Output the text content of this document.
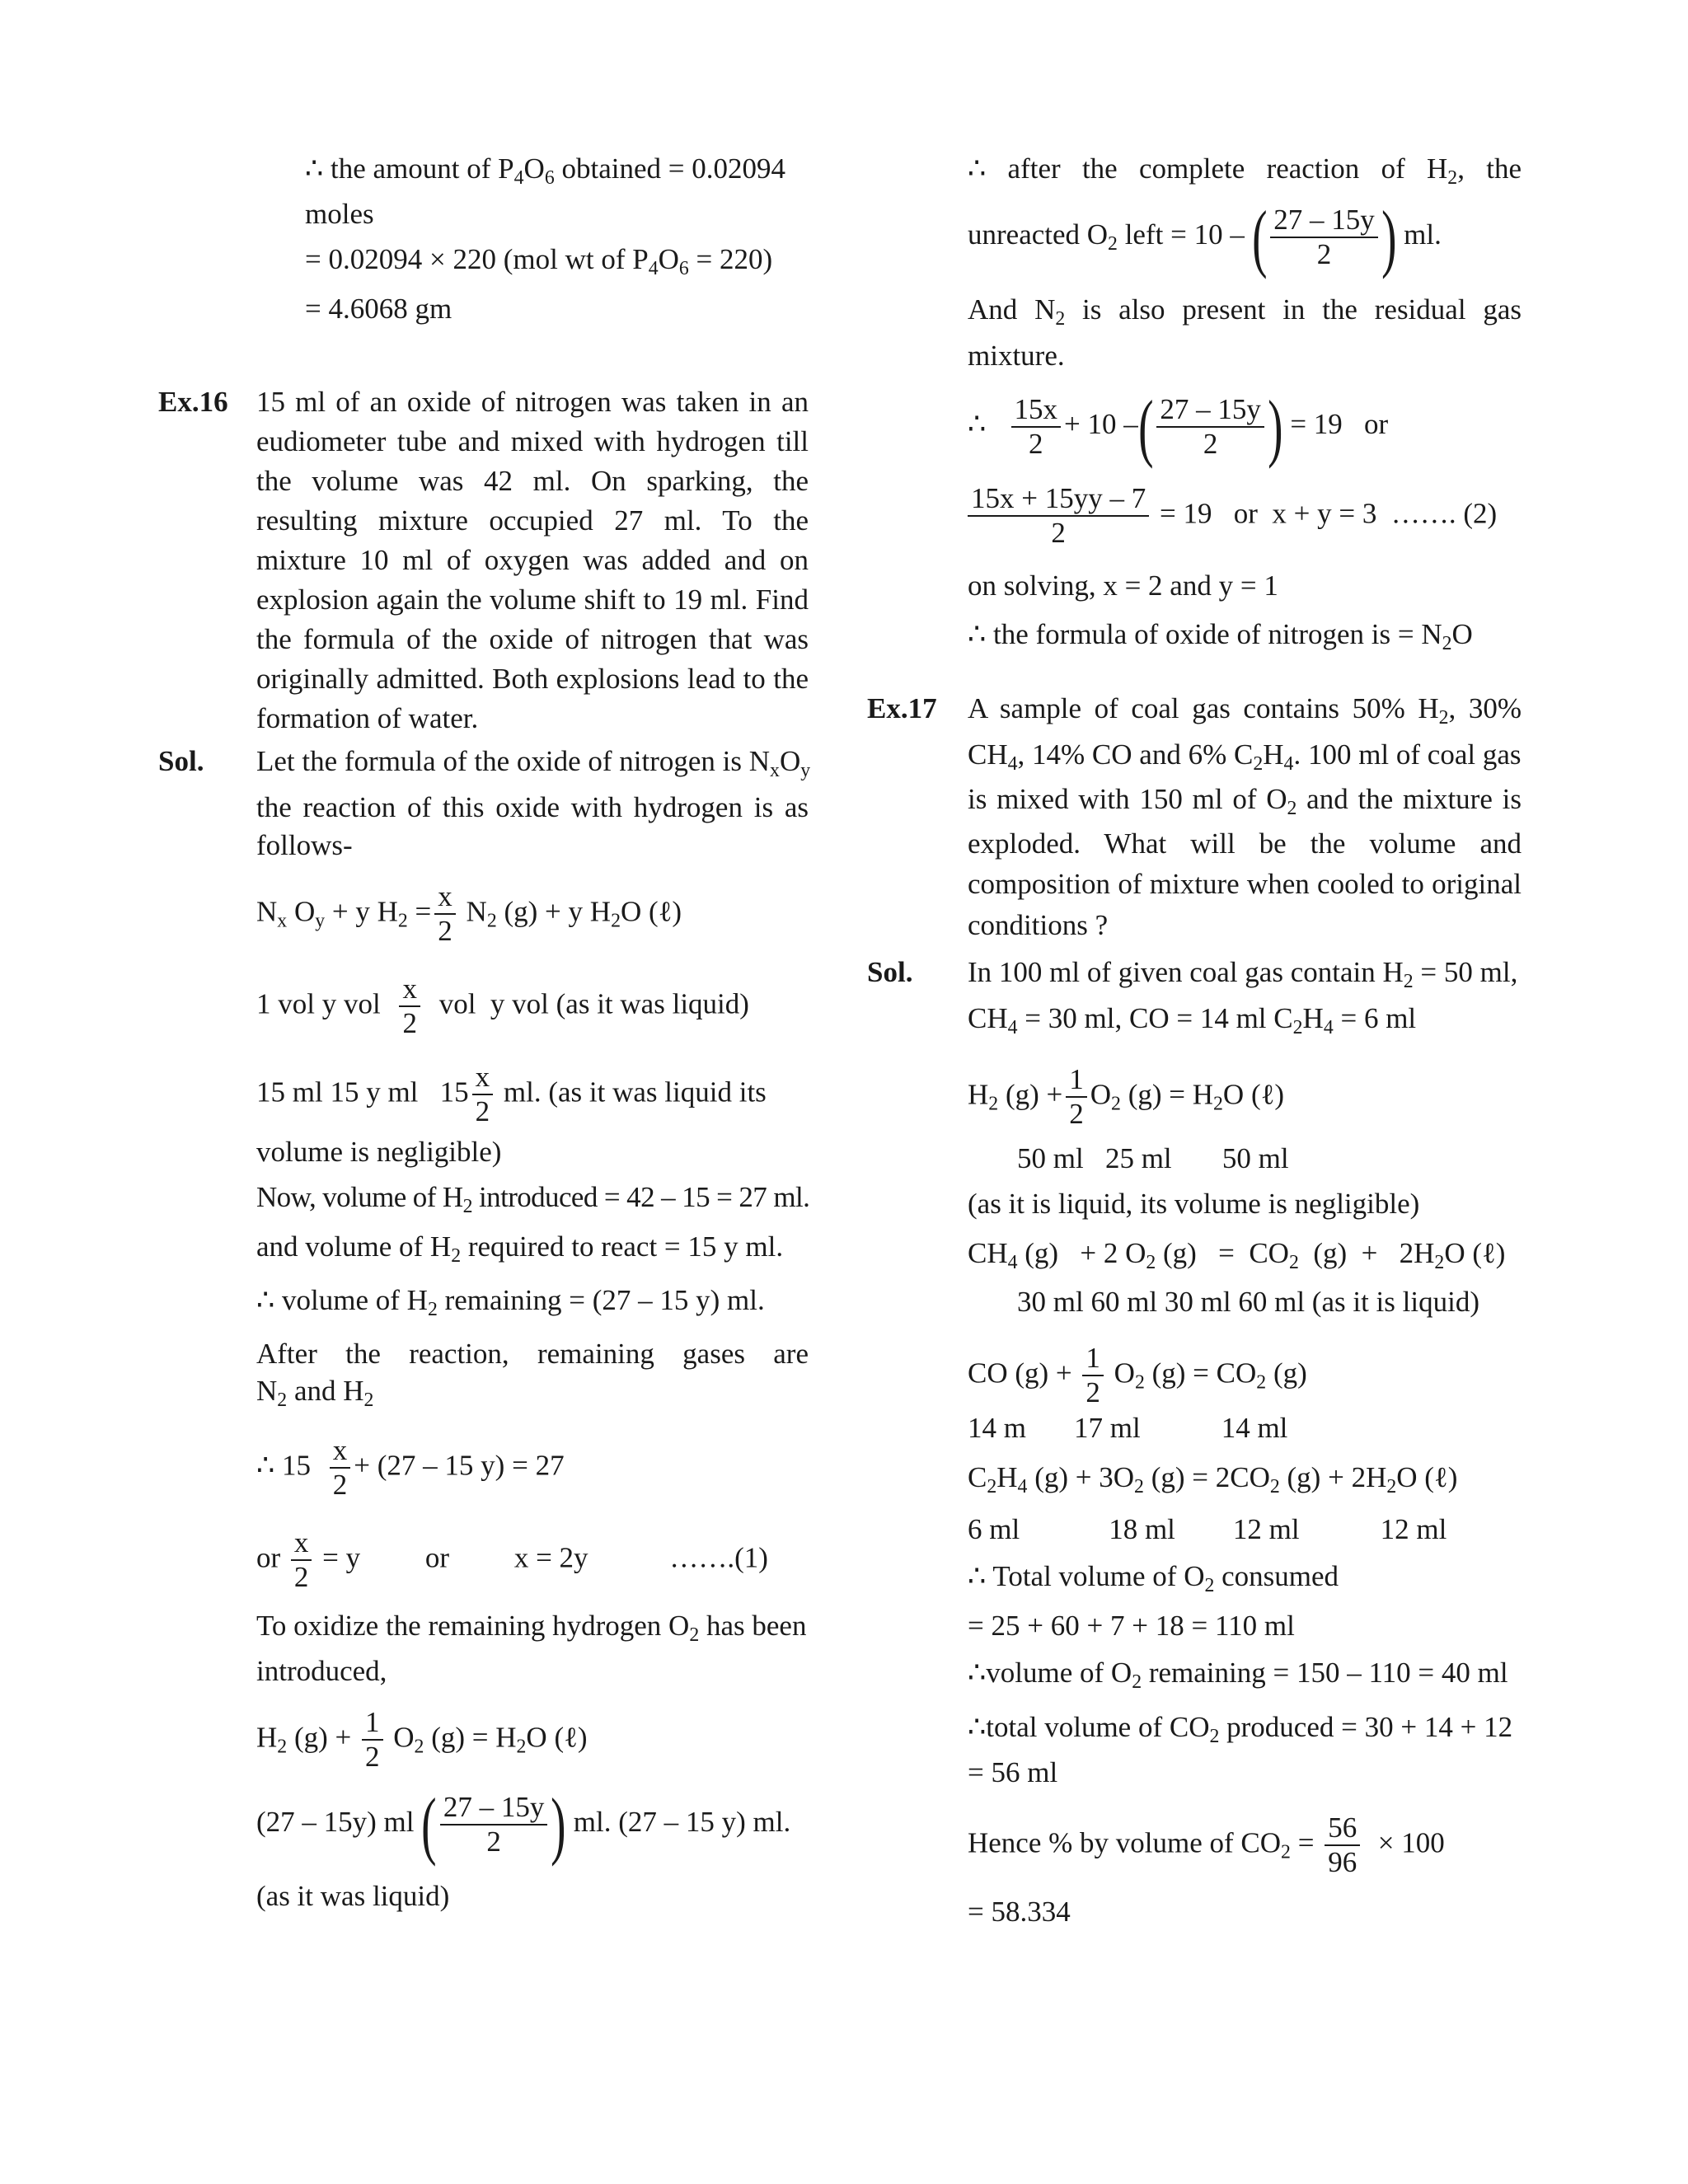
∴ the amount of $P_4O_6$ obtained = 0.02094
moles
= 0.02094 × 220 (mol wt of $P_4O_6 = 220$)
= 4.6068 gm
Ex.16 15 ml of an oxide of nitrogen was taken in an
eudiometer tube and mixed with hydrogen till
the volume was 42 ml. On sparking, the
resulting mixture occupied 27 ml. To the
mixture 10 ml of oxygen was added and on
explosion again the volume shift to 19 ml. Find
the formula of the oxide of nitrogen that was
originally admitted. Both explosions lead to the
formation of water.
Sol. Let the formula of the oxide of nitrogen is $N_xO_y$
the reaction of this oxide with hydrogen is as
follows-
$N_x$ $O_y + y$ $H_2 = \frac{x}{2} N_2$ (g) + y $H_2O$ (ℓ)
1 vol y vol $\frac{x}{2}$ vol  y vol (as it was liquid)
15 ml 15 y ml   $15 \frac{x}{2}$ ml. (as it was liquid its
volume is negligible)
Now, volume of $H_2$ introduced = 42 – 15 = 27 ml.
and volume of $H_2$ required to react = 15 y ml.
∴ volume of $H_2$ remaining = (27 – 15 y) ml.
After the reaction, remaining gases are
$N_2$ and $H_2$
∴ $15 \frac{x}{2} + (27 - 15$ y) = 27
or $\frac{x}{2} = y$ or x = 2y	…….(1)
To oxidize the remaining hydrogen $O_2$ has been
introduced,
$H_2$ $(g) + \frac{1}{2} O_2$ $(g) = H_2O$ (ℓ)
(27 – 15y) ml ( $\frac{27 - 15y}{2}$ ) ml. (27 – 15 y) ml.
(as it was liquid)
∴ after the complete reaction of $H_2$, the
unreacted $O_2$ left = 10 – ( $\frac{27 - 15y}{2}$ ) ml.
And $N_2$ is also present in the residual gas
mixture.
∴ $\frac{15x}{2} + 10$ –( $\frac{27 - 15y}{2}$ ) = 19   or
$\frac{15x + 15yy - 7}{2} = 19$   or  x + y = 3  ……. (2)
on solving, x = 2 and y = 1
∴ the formula of oxide of nitrogen is = $N_2O$
Ex.17 A sample of coal gas contains 50% $H_2$, 30%
$CH_4$, 14% CO and 6% $C_2H_4$. 100 ml of coal gas
is mixed with 150 ml of $O_2$ and the mixture is
exploded. What will be the volume and
composition of mixture when cooled to original
conditions ?
Sol. In 100 ml of given coal gas contain $H_2 = 50$ ml,
$CH_4 = 30$ ml, CO = 14 ml $C_2H_4 = 6$ ml
$H_2$ $(g) + \frac{1}{2} O_2$ $(g) = H_2O$ (ℓ)
50 ml   25 ml       50 ml
(as it is liquid, its volume is negligible)
$CH_4$ (g)   + 2 $O_2$ $(g) = CO_2$  $(g) + 2H_2O$ (ℓ)
30 ml 60 ml 30 ml 60 ml (as it is liquid)
CO $(g) + \frac{1}{2} O_2$ $(g) = CO_2$ (g)
14 m 17 ml	14 ml
$C_2H_4$ $(g) + 3O_2$ $(g) = 2CO_2$ $(g) + 2H_2O$ (ℓ)
6 ml	18 ml 12 ml	12 ml
∴ Total volume of $O_2$ consumed
= 25 + 60 + 7 + 18 = 110 ml
∴volume of $O_2$ remaining = 150 – 110 = 40 ml
∴total volume of $CO_2$ produced = 30 + 14 + 12
= 56 ml
Hence % by volume of $CO_2 = \frac{56}{96} \times 100$
= 58.334
